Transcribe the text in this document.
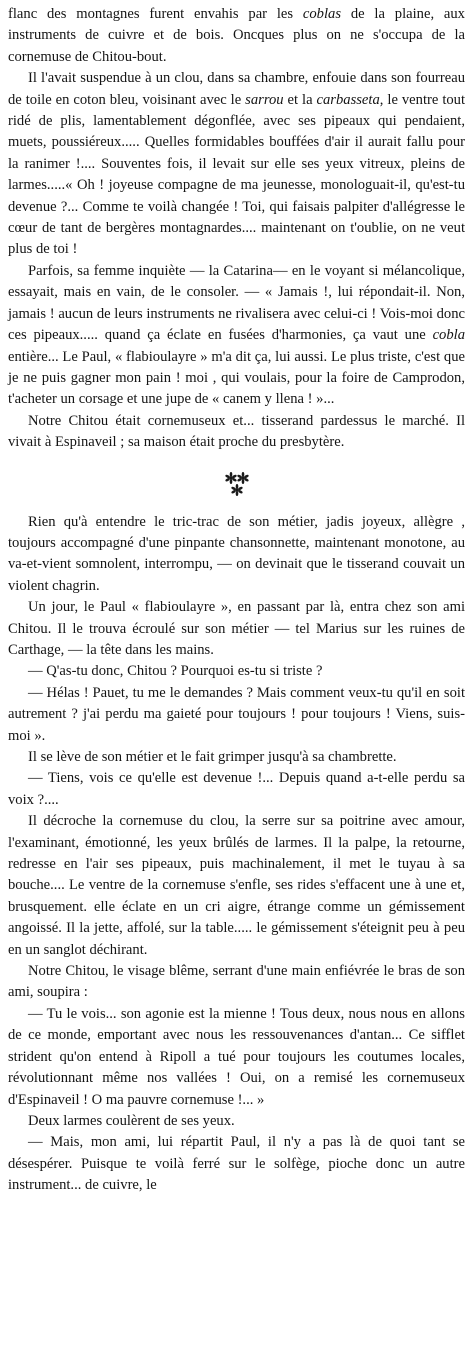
flanc des montagnes furent envahis par les coblas de la plaine, aux instruments de cuivre et de bois. Oncques plus on ne s'occupa de la cornemuse de Chitou-bout.

Il l'avait suspendue à un clou, dans sa chambre, enfouie dans son fourreau de toile en coton bleu, voisinant avec le sarrou et la carbasseta, le ventre tout ridé de plis, lamentablement dégonflée, avec ses pipeaux qui pendaient, muets, poussiéreux..... Quelles formidables bouffées d'air il aurait fallu pour la ranimer !.... Souventes fois, il levait sur elle ses yeux vitreux, pleins de larmes.....« Oh ! joyeuse compagne de ma jeunesse, monologuait-il, qu'est-tu devenue ?... Comme te voilà changée ! Toi, qui faisais palpiter d'allégresse le cœur de tant de bergères montagnardes.... maintenant on t'oublie, on ne veut plus de toi !

Parfois, sa femme inquiète — la Catarina— en le voyant si mélancolique, essayait, mais en vain, de le consoler. — « Jamais !, lui répondait-il. Non, jamais ! aucun de leurs instruments ne rivalisera avec celui-ci ! Vois-moi donc ces pipeaux..... quand ça éclate en fusées d'harmonies, ça vaut une cobla entière... Le Paul, « flabioulayre » m'a dit ça, lui aussi. Le plus triste, c'est que je ne puis gagner mon pain ! moi , qui voulais, pour la foire de Camprodon, t'acheter un corsage et une jupe de « canem y llena ! »...

Notre Chitou était cornemuseux et... tisserand pardessus le marché. Il vivait à Espinaveil ; sa maison était proche du presbytère.

Rien qu'à entendre le tric-trac de son métier, jadis joyeux, allègre , toujours accompagné d'une pinpante chansonnette, maintenant monotone, au va-et-vient somnolent, interrompu, — on devinait que le tisserand couvait un violent chagrin.

Un jour, le Paul « flabioulayre », en passant par là, entra chez son ami Chitou. Il le trouva écroulé sur son métier — tel Marius sur les ruines de Carthage, — la tête dans les mains.

— Q'as-tu donc, Chitou ? Pourquoi es-tu si triste ?

— Hélas ! Pauet, tu me le demandes ? Mais comment veux-tu qu'il en soit autrement ? j'ai perdu ma gaieté pour toujours ! pour toujours ! Viens, suis-moi ».

Il se lève de son métier et le fait grimper jusqu'à sa chambrette.

— Tiens, vois ce qu'elle est devenue !... Depuis quand a-t-elle perdu sa voix ?....

Il décroche la cornemuse du clou, la serre sur sa poitrine avec amour, l'examinant, émotionné, les yeux brûlés de larmes. Il la palpe, la retourne, redresse en l'air ses pipeaux, puis machinalement, il met le tuyau à sa bouche.... Le ventre de la cornemuse s'enfle, ses rides s'effacent une à une et, brusquement. elle éclate en un cri aigre, étrange comme un gémissement angoissé. Il la jette, affolé, sur la table..... le gémissement s'éteignit peu à peu en un sanglot déchirant.

Notre Chitou, le visage blême, serrant d'une main enfiévrée le bras de son ami, soupira :

— Tu le vois... son agonie est la mienne ! Tous deux, nous nous en allons de ce monde, emportant avec nous les ressouvenances d'antan... Ce sifflet strident qu'on entend à Ripoll a tué pour toujours les coutumes locales, révolutionnant même nos vallées ! Oui, on a remisé les cornemuseux d'Espinaveil ! O ma pauvre cornemuse !... »

Deux larmes coulèrent de ses yeux.

— Mais, mon ami, lui répartit Paul, il n'y a pas là de quoi tant se désespérer. Puisque te voilà ferré sur le solfège, pioche donc un autre instrument... de cuivre, le
